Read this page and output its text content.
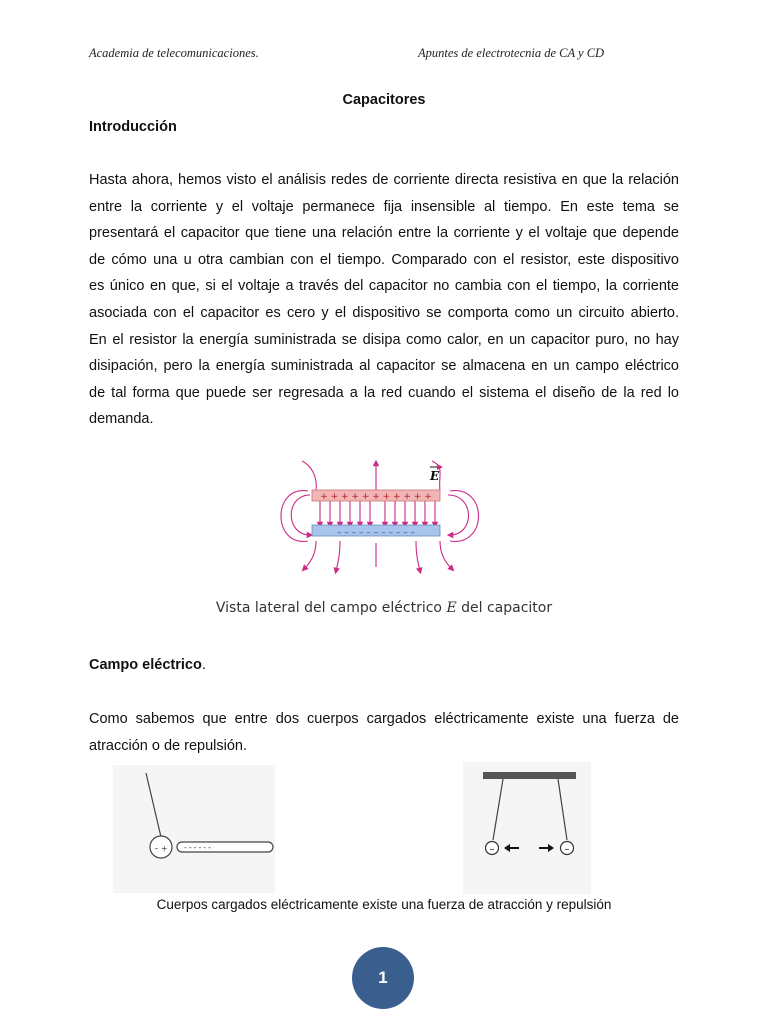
Academia de telecomunicaciones.	Apuntes de electrotecnia de CA y CD
Capacitores
Introducción
Hasta ahora, hemos visto el análisis redes de corriente directa resistiva en que la relación
entre la corriente y el voltaje permanece fija insensible al tiempo. En este tema se
presentará el capacitor que tiene una relación entre la corriente y el voltaje que depende
de cómo una u otra cambian con el tiempo. Comparado con el resistor, este dispositivo
es único en que, si el voltaje a través del capacitor no cambia con el tiempo, la corriente
asociada con el capacitor es cero y el dispositivo se comporta como un circuito abierto.
En el resistor la energía suministrada se disipa como calor, en un capacitor puro, no hay
disipación, pero la energía suministrada al capacitor se almacena en un campo eléctrico
de tal forma que puede ser regresada a la red cuando el sistema el diseño de la red lo
demanda.
+ + + + + + + + + + +
– – – – – – – – – – –
E
Vista lateral del campo eléctrico E del capacitor
Campo eléctrico.
Como sabemos que entre dos cuerpos cargados eléctricamente existe una fuerza de
atracción o de repulsión.
– + ------	–	–
Cuerpos cargados eléctricamente existe una fuerza de atracción y repulsión
1
